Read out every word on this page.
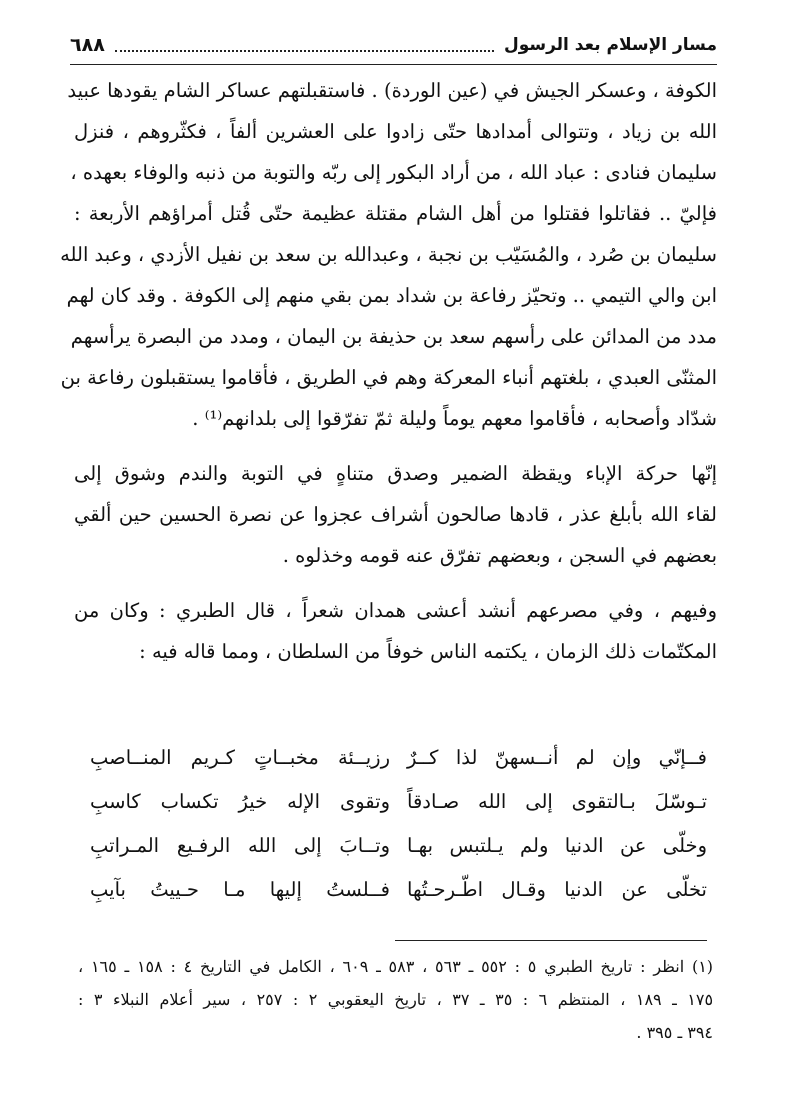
مسار الإسلام بعد الرسول
٦٨٨

الكوفة ، وعسكر الجيش في (عين الوردة) . فاستقبلتهم عساكر الشام يقودها عبيد
الله بن زياد ، وتتوالى أمدادها حتّى زادوا على العشرين ألفاً ، فكثّروهم ، فنزل
سليمان فنادى : عباد الله ، من أراد البكور إلى ربّه والتوبة من ذنبه والوفاء بعهده ،
فإليّ .. فقاتلوا فقتلوا من أهل الشام مقتلة عظيمة حتّى قُتل أمراؤهم الأربعة :
سليمان بن صُرد ، والمُسَيّب بن نجبة ، وعبدالله بن سعد بن نفيل الأزدي ، وعبد الله
ابن والي التيمي .. وتحيّز رفاعة بن شداد بمن بقي منهم إلى الكوفة . وقد كان لهم
مدد من المدائن على رأسهم سعد بن حذيفة بن اليمان ، ومدد من البصرة يرأسهم
المثنّى العبدي ، بلغتهم أنباء المعركة وهم في الطريق ، فأقاموا يستقبلون رفاعة بن
شدّاد وأصحابه ، فأقاموا معهم يوماً وليلة ثمّ تفرّقوا إلى بلدانهم⁽¹⁾ .

إنّها حركة الإباء ويقظة الضمير وصدق متناهٍ في التوبة والندم وشوق إلى
لقاء الله بأبلغ عذر ، قادها صالحون أشراف عجزوا عن نصرة الحسين حين ألقي
بعضهم في السجن ، وبعضهم تفرّق عنه قومه وخذلوه .

وفيهم ، وفي مصرعهم أنشد أعشى همدان شعراً ، قال الطبري : وكان من
المكتّمات ذلك الزمان ، يكتمه الناس خوفاً من السلطان ، ومما قاله فيه :

فــإنّي وإن لم أنــسهنّ لذا كــرٌ
رزيــئة مخبــاتٍ كـريم المنــاصبِ
تـوسّلَ بـالتقوى إلى الله صـادقاً
وتقوى الإله خيرُ تكساب كاسبِ
وخلّى عن الدنيا ولم يـلتبس بهـا
وتــابَ إلى الله الرفـيع المـراتبِ
تخلّى عن الدنيا وقـال اطّـرحـتُها
فــلستُ إليها مـا حـييتُ بآيبِ
(١) انظر : تاريخ الطبري ٥ : ٥٥٢ ـ ٥٦٣ ، ٥٨٣ ـ ٦٠٩ ، الكامل في التاريخ ٤ : ١٥٨ ـ ١٦٥ ،
١٧٥ ـ ١٨٩ ، المنتظم ٦ : ٣٥ ـ ٣٧ ، تاريخ اليعقوبي ٢ : ٢٥٧ ، سير أعلام النبلاء ٣ :
٣٩٤ ـ ٣٩٥ .
